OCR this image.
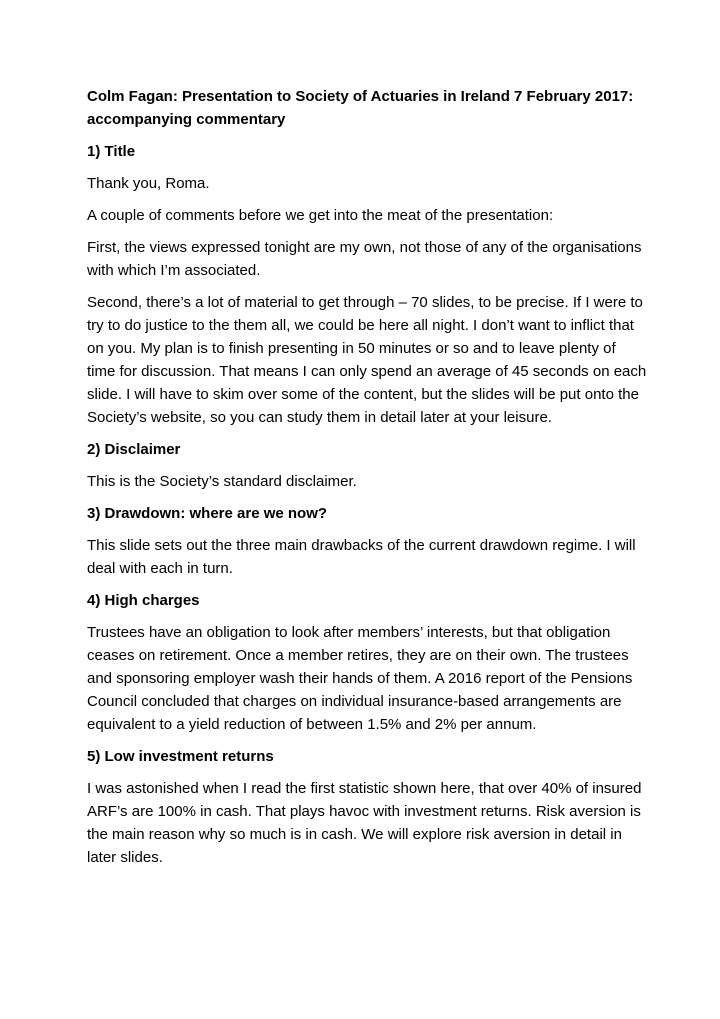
Colm Fagan: Presentation to Society of Actuaries in Ireland 7 February 2017: accompanying commentary

1) Title

Thank you, Roma.

A couple of comments before we get into the meat of the presentation:

First, the views expressed tonight are my own, not those of any of the organisations with which I’m associated.

Second, there’s a lot of material to get through – 70 slides, to be precise. If I were to try to do justice to the them all, we could be here all night. I don’t want to inflict that on you. My plan is to finish presenting in 50 minutes or so and to leave plenty of time for discussion. That means I can only spend an average of 45 seconds on each slide. I will have to skim over some of the content, but the slides will be put onto the Society’s website, so you can study them in detail later at your leisure.

2) Disclaimer

This is the Society’s standard disclaimer.

3) Drawdown: where are we now?

This slide sets out the three main drawbacks of the current drawdown regime. I will deal with each in turn.

4) High charges

Trustees have an obligation to look after members’ interests, but that obligation ceases on retirement. Once a member retires, they are on their own. The trustees and sponsoring employer wash their hands of them. A 2016 report of the Pensions Council concluded that charges on individual insurance-based arrangements are equivalent to a yield reduction of between 1.5% and 2% per annum.

5) Low investment returns

I was astonished when I read the first statistic shown here, that over 40% of insured ARF’s are 100% in cash. That plays havoc with investment returns. Risk aversion is the main reason why so much is in cash. We will explore risk aversion in detail in later slides.
